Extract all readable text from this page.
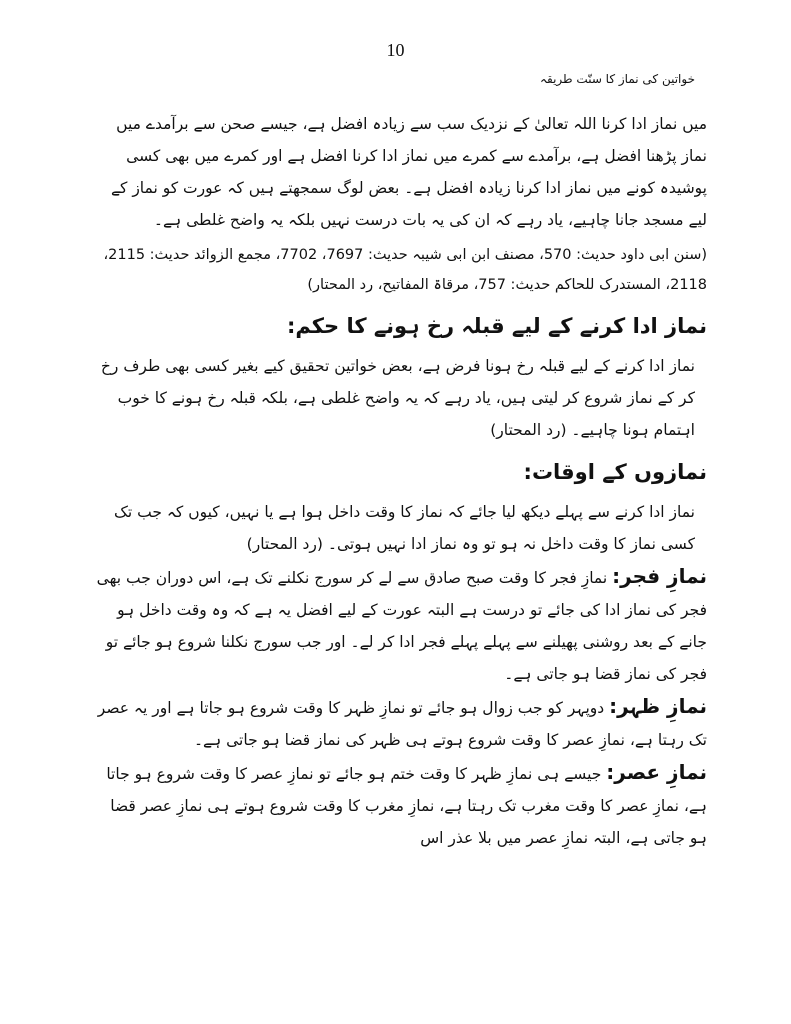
10
خواتین کی نماز کا سنّت طریقہ

میں نماز ادا کرنا اللہ تعالیٰ کے نزدیک سب سے زیادہ افضل ہے، جیسے صحن سے برآمدے میں نماز پڑھنا افضل ہے، برآمدے سے کمرے میں نماز ادا کرنا افضل ہے اور کمرے میں بھی کسی پوشیدہ کونے میں نماز ادا کرنا زیادہ افضل ہے۔ بعض لوگ سمجھتے ہیں کہ عورت کو نماز کے لیے مسجد جانا چاہیے، یاد رہے کہ ان کی یہ بات درست نہیں بلکہ یہ واضح غلطی ہے۔

(سنن ابی داود حدیث: 570، مصنف ابن ابی شیبہ حدیث: 7697، 7702، مجمع الزوائد حدیث: 2115، 2118، المستدرک للحاکم حدیث: 757، مرقاۃ المفاتیح، رد المحتار)

نماز ادا کرنے کے لیے قبلہ رخ ہونے کا حکم:

نماز ادا کرنے کے لیے قبلہ رخ ہونا فرض ہے، بعض خواتین تحقیق کیے بغیر کسی بھی طرف رخ کر کے نماز شروع کر لیتی ہیں، یاد رہے کہ یہ واضح غلطی ہے، بلکہ قبلہ رخ ہونے کا خوب اہتمام ہونا چاہیے۔ (رد المحتار)

نمازوں کے اوقات:

نماز ادا کرنے سے پہلے دیکھ لیا جائے کہ نماز کا وقت داخل ہوا ہے یا نہیں، کیوں کہ جب تک کسی نماز کا وقت داخل نہ ہو تو وہ نماز ادا نہیں ہوتی۔ (رد المحتار)

نمازِ فجر: نمازِ فجر کا وقت صبح صادق سے لے کر سورج نکلنے تک ہے، اس دوران جب بھی فجر کی نماز ادا کی جائے تو درست ہے البتہ عورت کے لیے افضل یہ ہے کہ وہ وقت داخل ہو جانے کے بعد روشنی پھیلنے سے پہلے پہلے فجر ادا کر لے۔ اور جب سورج نکلنا شروع ہو جائے تو فجر کی نماز قضا ہو جاتی ہے۔

نمازِ ظہر: دوپہر کو جب زوال ہو جائے تو نمازِ ظہر کا وقت شروع ہو جاتا ہے اور یہ عصر تک رہتا ہے، نمازِ عصر کا وقت شروع ہوتے ہی ظہر کی نماز قضا ہو جاتی ہے۔

نمازِ عصر: جیسے ہی نمازِ ظہر کا وقت ختم ہو جائے تو نمازِ عصر کا وقت شروع ہو جاتا ہے، نمازِ عصر کا وقت مغرب تک رہتا ہے، نمازِ مغرب کا وقت شروع ہوتے ہی نمازِ عصر قضا ہو جاتی ہے، البتہ نمازِ عصر میں بلا عذر اس
